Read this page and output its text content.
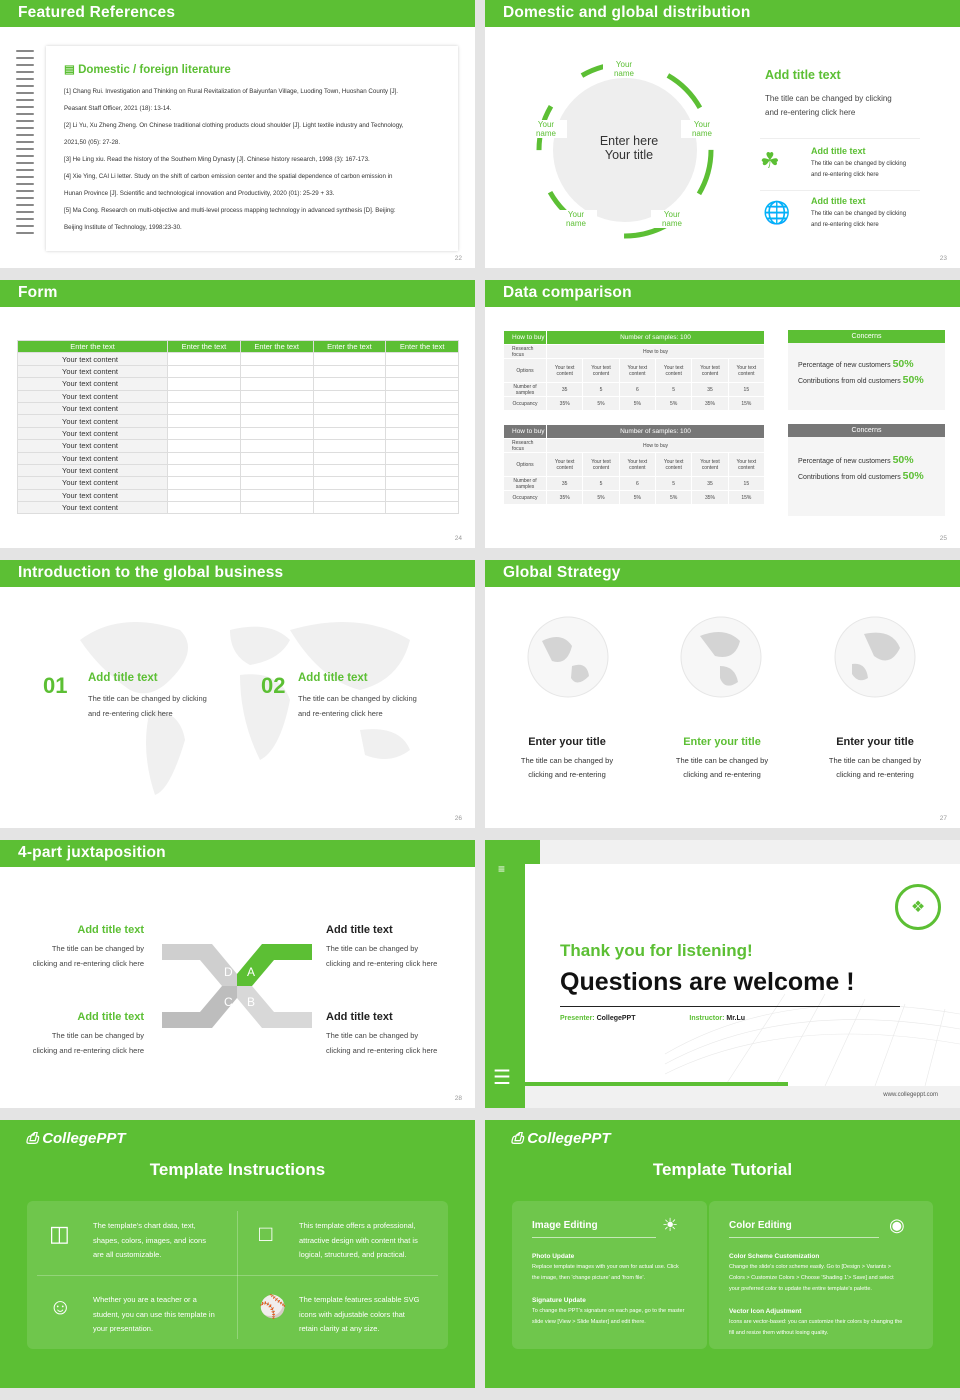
Featured References
▤ Domestic / foreign literature

[1] Chang Rui. Investigation and Thinking on Rural Revitalization of Baiyunfan Village, Luoding Town, Huoshan County [J].

Peasant Staff Officer, 2021 (18): 13-14.

[2] Li Yu, Xu Zheng Zheng. On Chinese traditional clothing products cloud shoulder [J]. Light textile industry and Technology,

2021,50 (05): 27-28.

[3] He Ling xiu. Read the history of the Southern Ming Dynasty [J]. Chinese history research, 1998 (3): 167-173.

[4] Xie Ying, CAI Li letter. Study on the shift of carbon emission center and the spatial dependence of carbon emission in

Hunan Province [J]. Scientific and technological innovation and Productivity, 2020 (01): 25-29 + 33.

[5] Ma Cong. Research on multi-objective and multi-level process mapping technology in advanced synthesis [D]. Beijing:

Beijing Institute of Technology, 1998:23-30.

22
Domestic and global distribution
Your
name
Your
name
Your
name
Your
name
Your
name
Enter here
Your title
Add title text
The title can be changed by clicking
and re-entering click here
☘	Add title text
The title can be changed by clicking
and re-entering click here
🌐 Add title text
The title can be changed by clicking
and re-entering click here
23
Form
Enter the text	Enter the text	Enter the text	Enter the text	Enter the text
Your text content				
Your text content				
Your text content				
Your text content				
Your text content				
Your text content				
Your text content				
Your text content				
Your text content				
Your text content				
Your text content				
Your text content				
Your text content				
24
Data comparison
How to buy	Number of samples: 100					
Research focus	How to buy					
Options	Your text content	Your text content	Your text content	Your text content	Your text content	Your text content
Number of samples	35	5	6	5	35	15
Occupancy	35%	5%	5%	5%	35%	15%
How to buy	Number of samples: 100					
Research focus	How to buy					
Options	Your text content	Your text content	Your text content	Your text content	Your text content	Your text content
Number of samples	35	5	6	5	35	15
Occupancy	35%	5%	5%	5%	35%	15%
Concerns
Percentage of new customers 50%
Contributions from old customers 50%
Concerns
Percentage of new customers 50%
Contributions from old customers 50%
25
Introduction to the global business
01 Add title text
The title can be changed by clicking
and re-entering click here
02 Add title text
The title can be changed by clicking
and re-entering click here
26
Global Strategy
Enter your title
The title can be changed by
clicking and re-entering
Enter your title
The title can be changed by
clicking and re-entering
Enter your title
The title can be changed by
clicking and re-entering
27
4-part juxtaposition
D A
C B
Add title text
The title can be changed by
clicking and re-entering click here
Add title text
The title can be changed by
clicking and re-entering click here
Add title text
The title can be changed by
clicking and re-entering click here
Add title text
The title can be changed by
clicking and re-entering click here
28
≡
☰
Thank you for listening!
Questions are welcome !
Presenter: CollegePPT	Instructor: Mr.Lu
❖
www.collegeppt.com
⎙ CollegePPT
Template Instructions
◫	The template's chart data, text,
shapes, colors, images, and icons
are all customizable.
□	This template offers a professional,
attractive design with content that is
logical, structured, and practical.
☺	Whether you are a teacher or a
student, you can use this template in
your presentation.
⚾ The template features scalable SVG
icons with adjustable colors that
retain clarity at any size.
⎙ CollegePPT
Template Tutorial
Image Editing	☀
Photo Update
Replace template images with your own for actual use. Click
the image, then 'change picture' and 'from file'.
Signature Update
To change the PPT's signature on each page, go to the master
slide view [View > Slide Master] and edit there.
Color Editing	◉
Color Scheme Customization
Change the slide's color scheme easily. Go to [Design > Variants >
Colors > Customize Colors > Choose 'Shading 1'> Save] and select
your preferred color to update the entire template's palette.
Vector Icon Adjustment
Icons are vector-based: you can customize their colors by changing the
fill and resize them without losing quality.
